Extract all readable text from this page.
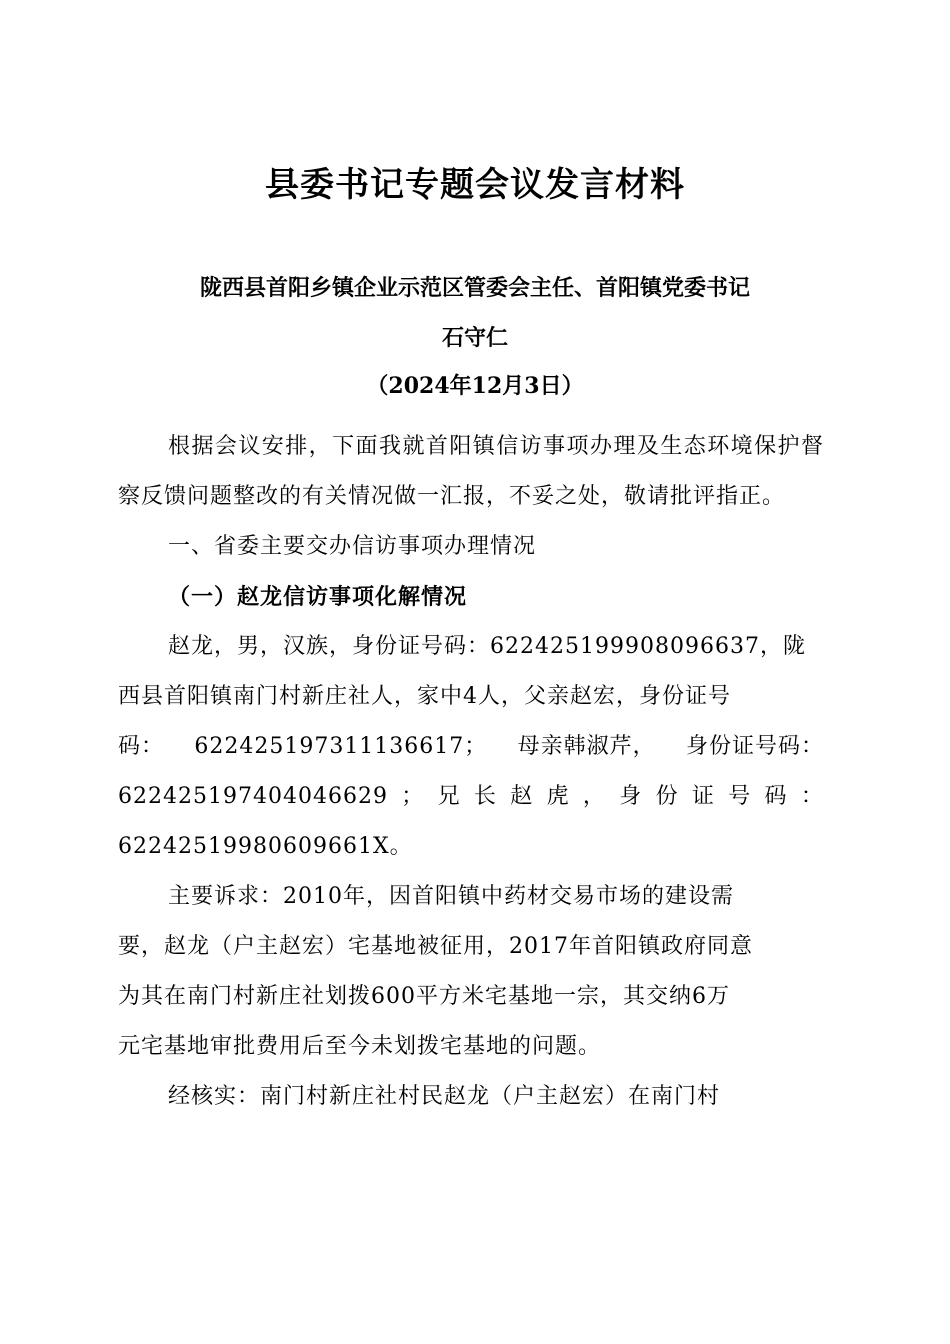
县委书记专题会议发言材料
陇西县首阳乡镇企业示范区管委会主任、首阳镇党委书记
石守仁
（2024年12月3日）

根据会议安排，下面我就首阳镇信访事项办理及生态环境保护督察反馈问题整改的有关情况做一汇报，不妥之处，敬请批评指正。

一、省委主要交办信访事项办理情况

（一）赵龙信访事项化解情况

赵龙，男，汉族，身份证号码：622425199908096637，陇
西县首阳镇南门村新庄社人，家中4人，父亲赵宏，身份证号
码： 622425197311136617； 母亲韩淑芹， 身份证号码：
622425197404046629 ； 兄 长 赵 虎 ， 身 份 证 号 码 ：
62242519980609661X。
主要诉求：2010年，因首阳镇中药材交易市场的建设需
要，赵龙（户主赵宏）宅基地被征用，2017年首阳镇政府同意
为其在南门村新庄社划拨600平方米宅基地一宗，其交纳6万
元宅基地审批费用后至今未划拨宅基地的问题。
经核实：南门村新庄社村民赵龙（户主赵宏）在南门村
